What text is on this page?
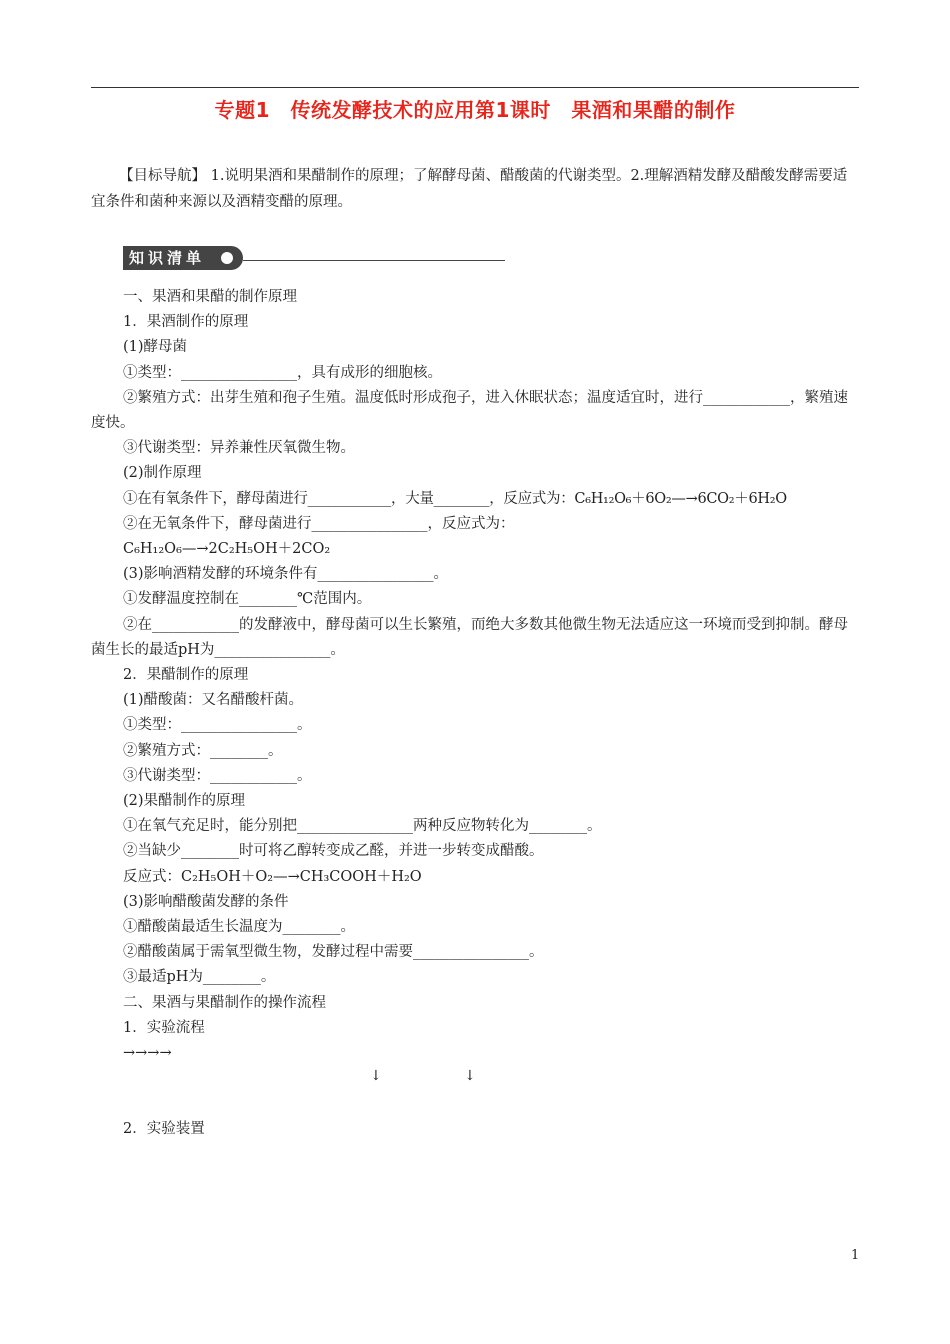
专题1　传统发酵技术的应用第1课时　果酒和果醋的制作
【目标导航】 1.说明果酒和果醋制作的原理；了解酵母菌、醋酸菌的代谢类型。2.理解酒精发酵及醋酸发酵需要适宜条件和菌种来源以及酒精变醋的原理。
知识清单

一、果酒和果醋的制作原理

1．果酒制作的原理

(1)酵母菌

①类型：________________，具有成形的细胞核。

②繁殖方式：出芽生殖和孢子生殖。温度低时形成孢子，进入休眠状态；温度适宜时，进行____________，繁殖速度快。

③代谢类型：异养兼性厌氧微生物。

(2)制作原理

①在有氧条件下，酵母菌进行____________，大量________，反应式为：C₆H₁₂O₆＋6O₂—→6CO₂＋6H₂O

②在无氧条件下，酵母菌进行________________，反应式为：

C₆H₁₂O₆—→2C₂H₅OH＋2CO₂

(3)影响酒精发酵的环境条件有________________。

①发酵温度控制在________℃范围内。

②在____________的发酵液中，酵母菌可以生长繁殖，而绝大多数其他微生物无法适应这一环境而受到抑制。酵母菌生长的最适pH为________________。

2．果醋制作的原理

(1)醋酸菌：又名醋酸杆菌。

①类型：________________。

②繁殖方式：________。

③代谢类型：____________。

(2)果醋制作的原理

①在氧气充足时，能分别把________________两种反应物转化为________。

②当缺少________时可将乙醇转变成乙醛，并进一步转变成醋酸。

反应式：C₂H₅OH＋O₂—→CH₃COOH＋H₂O

(3)影响醋酸菌发酵的条件

①醋酸菌最适生长温度为________。

②醋酸菌属于需氧型微生物，发酵过程中需要________________。

③最适pH为________。

二、果酒与果醋制作的操作流程

1．实验流程

→→→→

2．实验装置

↓	↓
1
